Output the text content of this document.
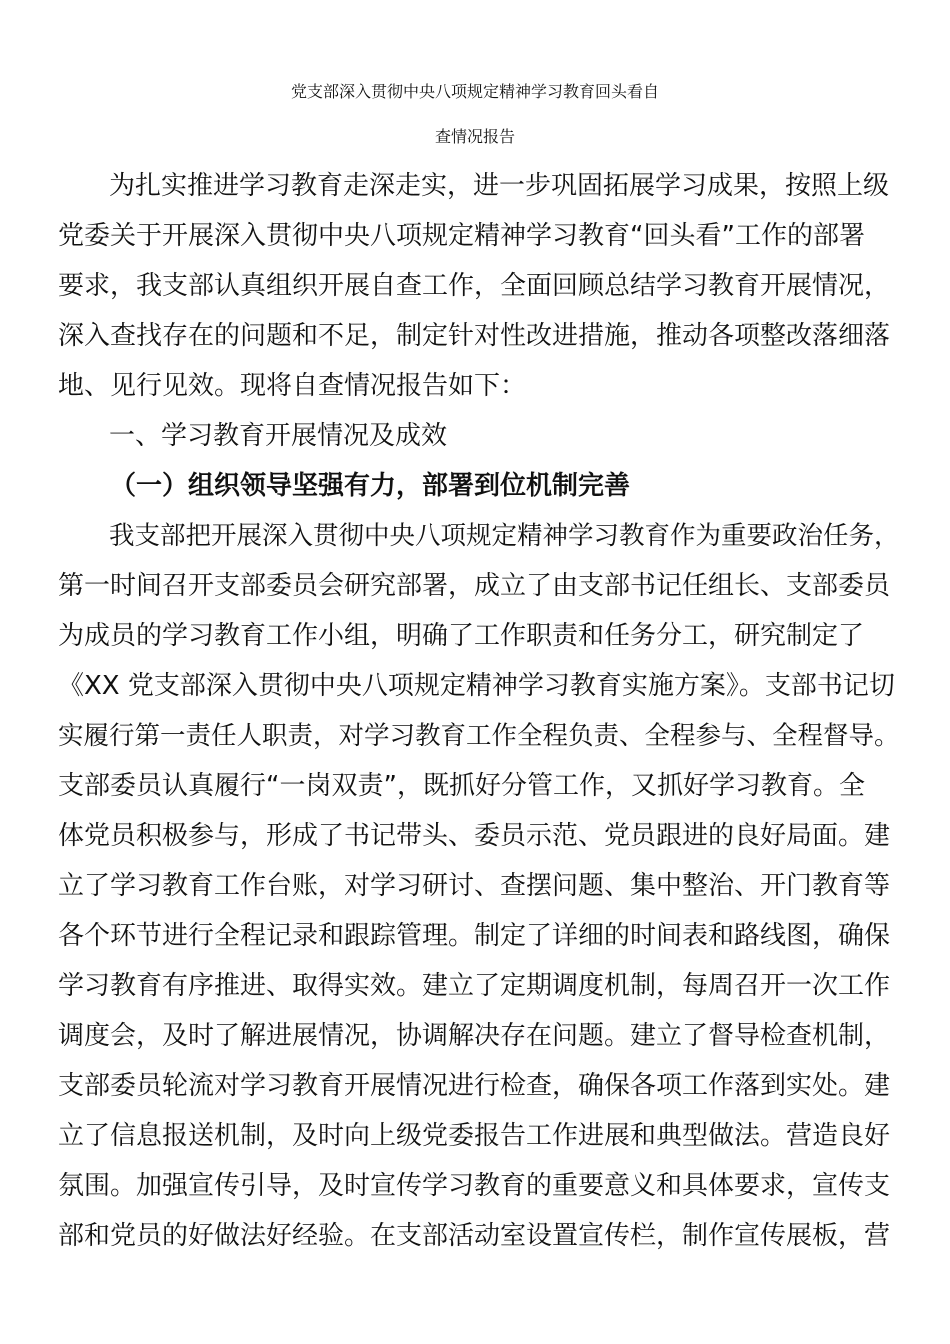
党支部深入贯彻中央八项规定精神学习教育回头看自
查情况报告
为扎实推进学习教育走深走实，进一步巩固拓展学习成果，按照上级
党委关于开展深入贯彻中央八项规定精神学习教育“回头看”工作的部署
要求，我支部认真组织开展自查工作，全面回顾总结学习教育开展情况，
深入查找存在的问题和不足，制定针对性改进措施，推动各项整改落细落
地、见行见效。现将自查情况报告如下：
一、学习教育开展情况及成效
（一）组织领导坚强有力，部署到位机制完善
我支部把开展深入贯彻中央八项规定精神学习教育作为重要政治任务，
第一时间召开支部委员会研究部署，成立了由支部书记任组长、支部委员
为成员的学习教育工作小组，明确了工作职责和任务分工，研究制定了
《XX 党支部深入贯彻中央八项规定精神学习教育实施方案》。支部书记切
实履行第一责任人职责，对学习教育工作全程负责、全程参与、全程督导。
支部委员认真履行“一岗双责”，既抓好分管工作，又抓好学习教育。全
体党员积极参与，形成了书记带头、委员示范、党员跟进的良好局面。建
立了学习教育工作台账，对学习研讨、查摆问题、集中整治、开门教育等
各个环节进行全程记录和跟踪管理。制定了详细的时间表和路线图，确保
学习教育有序推进、取得实效。建立了定期调度机制，每周召开一次工作
调度会，及时了解进展情况，协调解决存在问题。建立了督导检查机制，
支部委员轮流对学习教育开展情况进行检查，确保各项工作落到实处。建
立了信息报送机制，及时向上级党委报告工作进展和典型做法。营造良好
氛围。加强宣传引导，及时宣传学习教育的重要意义和具体要求，宣传支
部和党员的好做法好经验。在支部活动室设置宣传栏，制作宣传展板，营
